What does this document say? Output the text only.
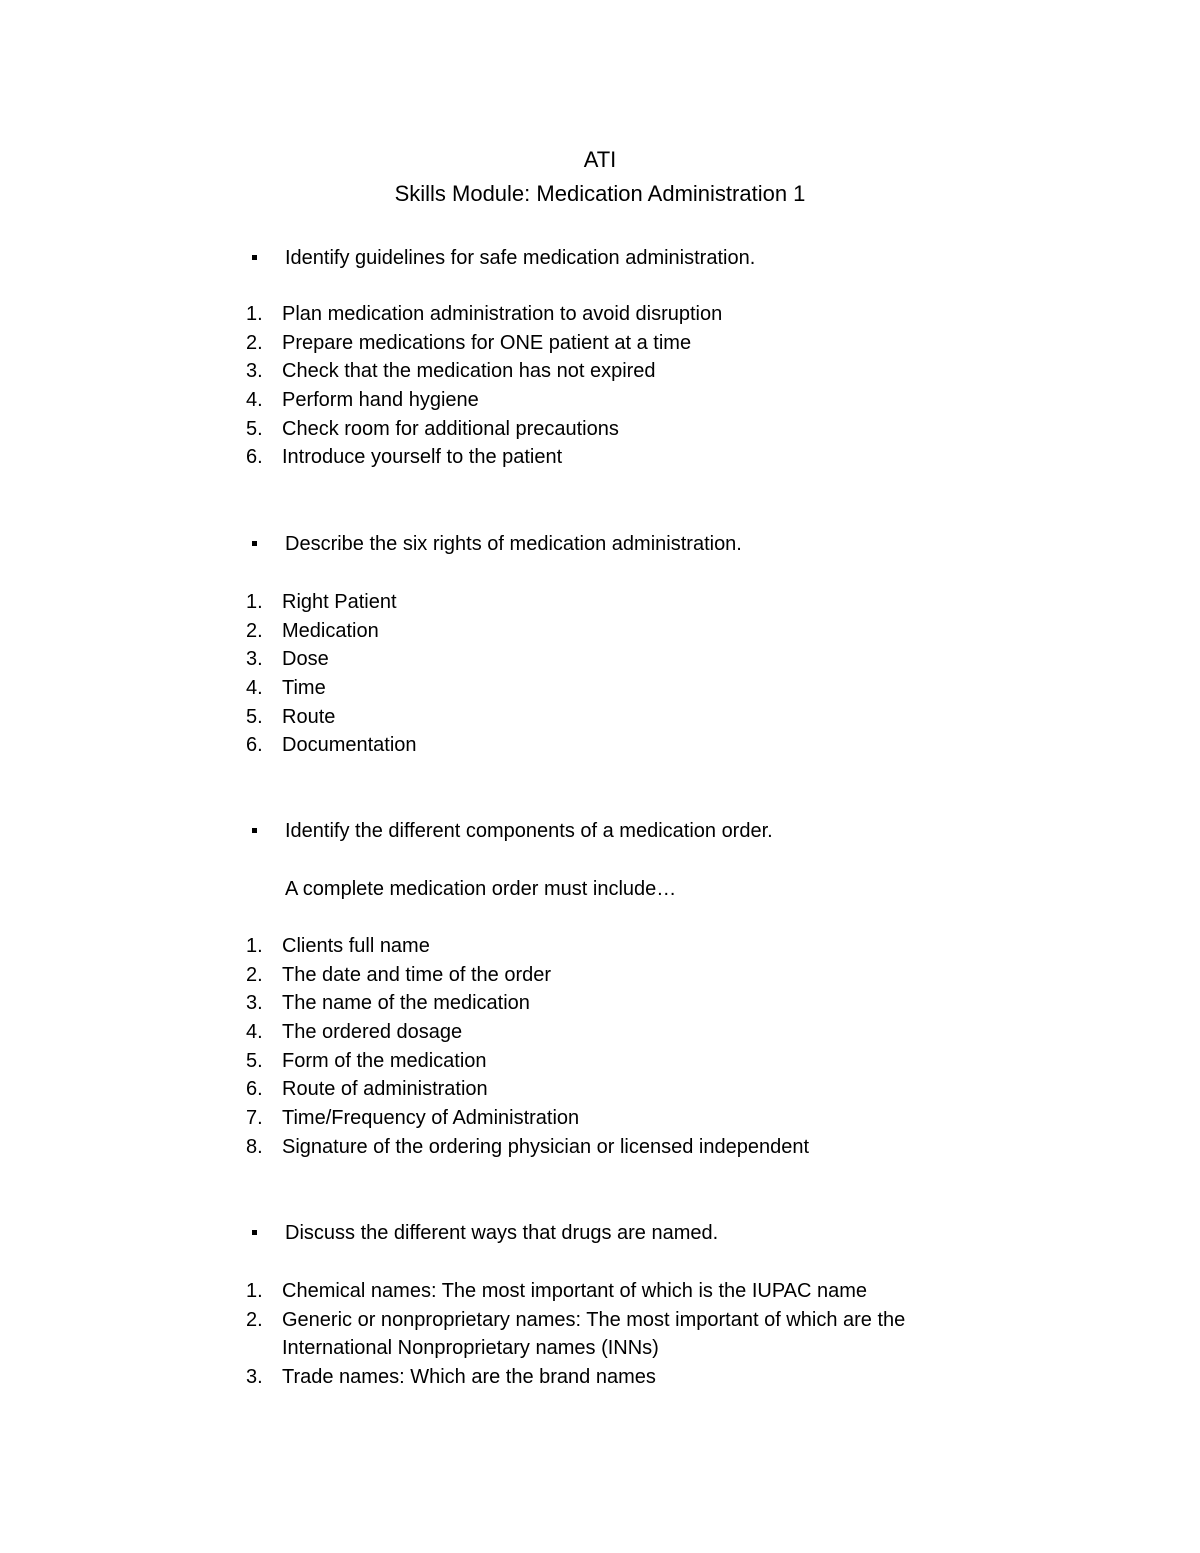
ATI
Skills Module: Medication Administration 1
Identify guidelines for safe medication administration.
1. Plan medication administration to avoid disruption
2. Prepare medications for ONE patient at a time
3. Check that the medication has not expired
4. Perform hand hygiene
5. Check room for additional precautions
6. Introduce yourself to the patient
Describe the six rights of medication administration.
1. Right Patient
2. Medication
3. Dose
4. Time
5. Route
6. Documentation
Identify the different components of a medication order.
A complete medication order must include…
1. Clients full name
2. The date and time of the order
3. The name of the medication
4. The ordered dosage
5. Form of the medication
6. Route of administration
7. Time/Frequency of Administration
8. Signature of the ordering physician or licensed independent
Discuss the different ways that drugs are named.
1. Chemical names: The most important of which is the IUPAC name
2. Generic or nonproprietary names: The most important of which are the International Nonproprietary names (INNs)
3. Trade names: Which are the brand names
